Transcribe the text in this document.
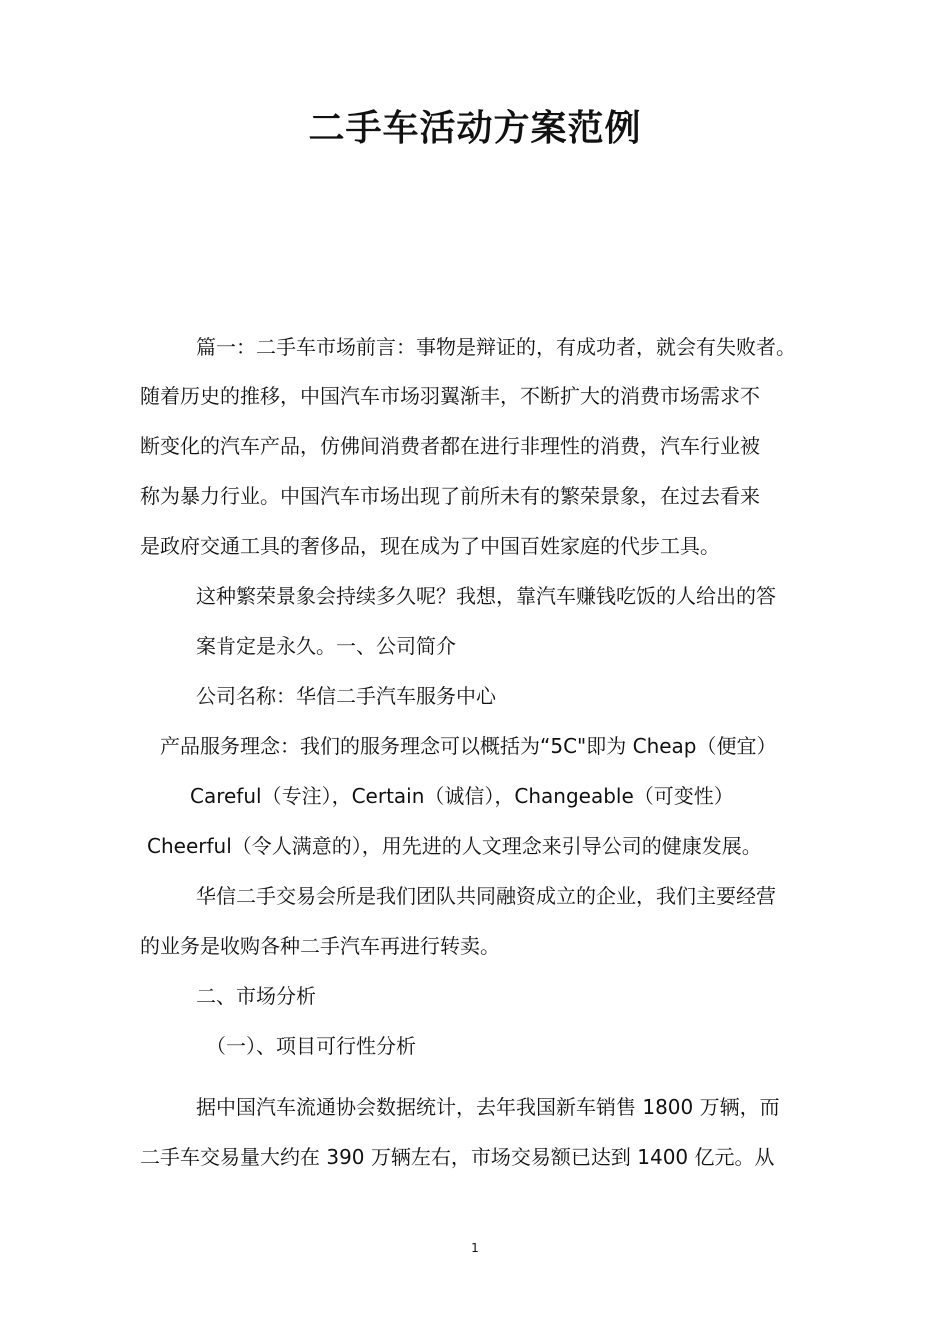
二手车活动方案范例

篇一：二手车市场前言：事物是辩证的，有成功者，就会有失败者。

随着历史的推移，中国汽车市场羽翼渐丰，不断扩大的消费市场需求不

断变化的汽车产品，仿佛间消费者都在进行非理性的消费，汽车行业被

称为暴力行业。中国汽车市场出现了前所未有的繁荣景象，在过去看来

是政府交通工具的奢侈品，现在成为了中国百姓家庭的代步工具。

这种繁荣景象会持续多久呢？我想，靠汽车赚钱吃饭的人给出的答

案肯定是永久。一、公司简介

公司名称：华信二手汽车服务中心

产品服务理念：我们的服务理念可以概括为“5C"即为 Cheap（便宜）

Careful（专注），Certain（诚信），Changeable（可变性）

Cheerful（令人满意的），用先进的人文理念来引导公司的健康发展。

华信二手交易会所是我们团队共同融资成立的企业，我们主要经营

的业务是收购各种二手汽车再进行转卖。

二、市场分析

（一）、项目可行性分析

据中国汽车流通协会数据统计，去年我国新车销售 1800 万辆，而

二手车交易量大约在 390 万辆左右，市场交易额已达到 1400 亿元。从

1
